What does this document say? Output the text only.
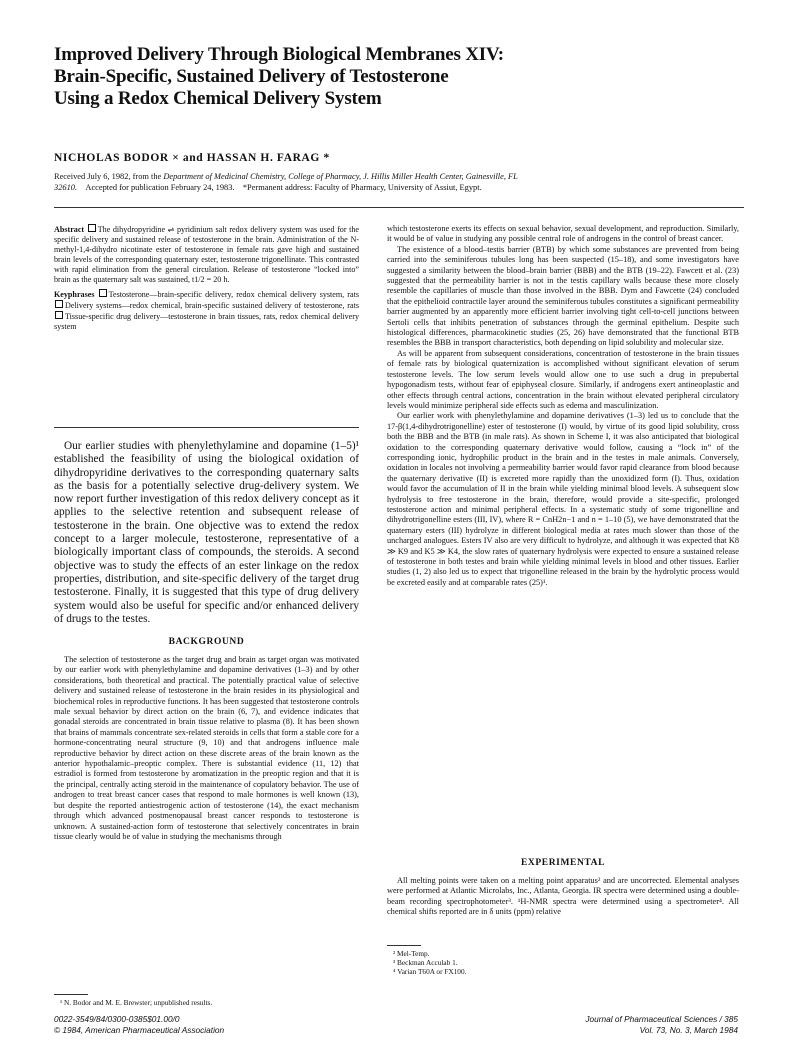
Improved Delivery Through Biological Membranes XIV:
Brain-Specific, Sustained Delivery of Testosterone
Using a Redox Chemical Delivery System
NICHOLAS BODOR × and HASSAN H. FARAG *
Received July 6, 1982, from the Department of Medicinal Chemistry, College of Pharmacy, J. Hillis Miller Health Center, Gainesville, FL
32610. Accepted for publication February 24, 1983. *Permanent address: Faculty of Pharmacy, University of Assiut, Egypt.

Abstract The dihydropyridine ⇌ pyridinium salt redox delivery system was used for the specific delivery and sustained release of testosterone in the brain. Administration of the N-methyl-1,4-dihydro nicotinate ester of testosterone in female rats gave high and sustained brain levels of the corresponding quaternary ester, testosterone trigonellinate. This contrasted with rapid elimination from the general circulation. Release of testosterone “locked into” brain as the quaternary salt was sustained, t1/2 = 20 h.

Keyphrases Testosterone—brain-specific delivery, redox chemical delivery system, rats Delivery systems—redox chemical, brain-specific sustained delivery of testosterone, rats Tissue-specific drug delivery—testosterone in brain tissues, rats, redox chemical delivery system

Our earlier studies with phenylethylamine and dopamine (1–5)¹ established the feasibility of using the biological oxidation of dihydropyridine derivatives to the corresponding quaternary salts as the basis for a potentially selective drug-delivery system. We now report further investigation of this redox delivery concept as it applies to the selective retention and subsequent release of testosterone in the brain. One objective was to extend the redox concept to a larger molecule, testosterone, representative of a biologically important class of compounds, the steroids. A second objective was to study the effects of an ester linkage on the redox properties, distribution, and site-specific delivery of the target drug testosterone. Finally, it is suggested that this type of drug delivery system would also be useful for specific and/or enhanced delivery of drugs to the testes.

BACKGROUND

The selection of testosterone as the target drug and brain as target organ was motivated by our earlier work with phenylethylamine and dopamine derivatives (1–3) and by other considerations, both theoretical and practical. The potentially practical value of selective delivery and sustained release of testosterone in the brain resides in its physiological and biochemical roles in reproductive functions. It has been suggested that testosterone controls male sexual behavior by direct action on the brain (6, 7), and evidence indicates that gonadal steroids are concentrated in brain tissue relative to plasma (8). It has been shown that brains of mammals concentrate sex-related steroids in cells that form a stable core for a hormone-concentrating neural structure (9, 10) and that androgens influence male reproductive behavior by direct action on these discrete areas of the brain known as the anterior hypothalamic–preoptic complex. There is substantial evidence (11, 12) that estradiol is formed from testosterone by aromatization in the preoptic region and that it is the principal, centrally acting steroid in the maintenance of copulatory behavior. The use of androgen to treat breast cancer cases that respond to male hormones is well known (13), but despite the reported antiestrogenic action of testosterone (14), the exact mechanism through which advanced postmenopausal breast cancer responds to testosterone is unknown. A sustained-action form of testosterone that selectively concentrates in brain tissue clearly would be of value in studying the mechanisms through

¹ N. Bodor and M. E. Brewster; unpublished results.

which testosterone exerts its effects on sexual behavior, sexual development, and reproduction. Similarly, it would be of value in studying any possible central role of androgens in the control of breast cancer.

The existence of a blood–testis barrier (BTB) by which some substances are prevented from being carried into the seminiferous tubules long has been suspected (15–18), and some investigators have suggested a similarity between the blood–brain barrier (BBB) and the BTB (19–22). Fawcett et al. (23) suggested that the permeability barrier is not in the testis capillary walls because these more closely resemble the capillaries of muscle than those involved in the BBB. Dym and Fawcette (24) concluded that the epithelioid contractile layer around the seminiferous tubules constitutes a significant permeability barrier augmented by an apparently more efficient barrier involving tight cell-to-cell junctions between Sertoli cells that inhibits penetration of substances through the germinal epithelium. Despite such histological differences, pharmacokinetic studies (25, 26) have demonstrated that the functional BTB resembles the BBB in transport characteristics, both depending on lipid solubility and molecular size.

As will be apparent from subsequent considerations, concentration of testosterone in the brain tissues of female rats by biological quaternization is accomplished without significant elevation of serum testosterone levels. The low serum levels would allow one to use such a drug in prepubertal hypogonadism tests, without fear of epiphyseal closure. Similarly, if androgens exert antineoplastic and other effects through central actions, concentration in the brain without elevated peripheral circulatory levels would minimize peripheral side effects such as edema and masculinization.

Our earlier work with phenylethylamine and dopamine derivatives (1–3) led us to conclude that the 17-β(1,4-dihydrotrigonelline) ester of testosterone (I) would, by virtue of its good lipid solubility, cross both the BBB and the BTB (in male rats). As shown in Scheme I, it was also anticipated that biological oxidation to the corresponding quaternary derivative would follow, causing a “lock in” of the corresponding ionic, hydrophilic product in the brain and in the testes in male animals. Conversely, oxidation in locales not involving a permeability barrier would favor rapid clearance from blood because the quaternary derivative (II) is excreted more rapidly than the unoxidized form (I). Thus, oxidation would favor the accumulation of II in the brain while yielding minimal blood levels. A subsequent slow hydrolysis to free testosterone in the brain, therefore, would provide a site-specific, prolonged testosterone action and minimal peripheral effects. In a systematic study of some trigonelline and dihydrotrigonelline esters (III, IV), where R = CnH2n−1 and n = 1–10 (5), we have demonstrated that the quaternary esters (III) hydrolyze in different biological media at rates much slower than those of the uncharged analogues. Esters IV also are very difficult to hydrolyze, and although it was expected that K8 ≫ K9 and K5 ≫ K4, the slow rates of quaternary hydrolysis were expected to ensure a sustained release of testosterone in both testes and brain while yielding minimal levels in blood and other tissues. Earlier studies (1, 2) also led us to expect that trigonelline released in the brain by the hydrolytic process would be excreted easily and at comparable rates (25)¹.

EXPERIMENTAL

All melting points were taken on a melting point apparatus² and are uncorrected. Elemental analyses were performed at Atlantic Microlabs, Inc., Atlanta, Georgia. IR spectra were determined using a double-beam recording spectrophotometer³. ¹H-NMR spectra were determined using a spectrometer⁴. All chemical shifts reported are in δ units (ppm) relative

² Mel-Temp.
³ Beckman Acculab 1.
⁴ Varian T60A or FX100.
0022-3549/84/0300-0385$01.00/0
© 1984, American Pharmaceutical Association
Journal of Pharmaceutical Sciences / 385
Vol. 73, No. 3, March 1984
